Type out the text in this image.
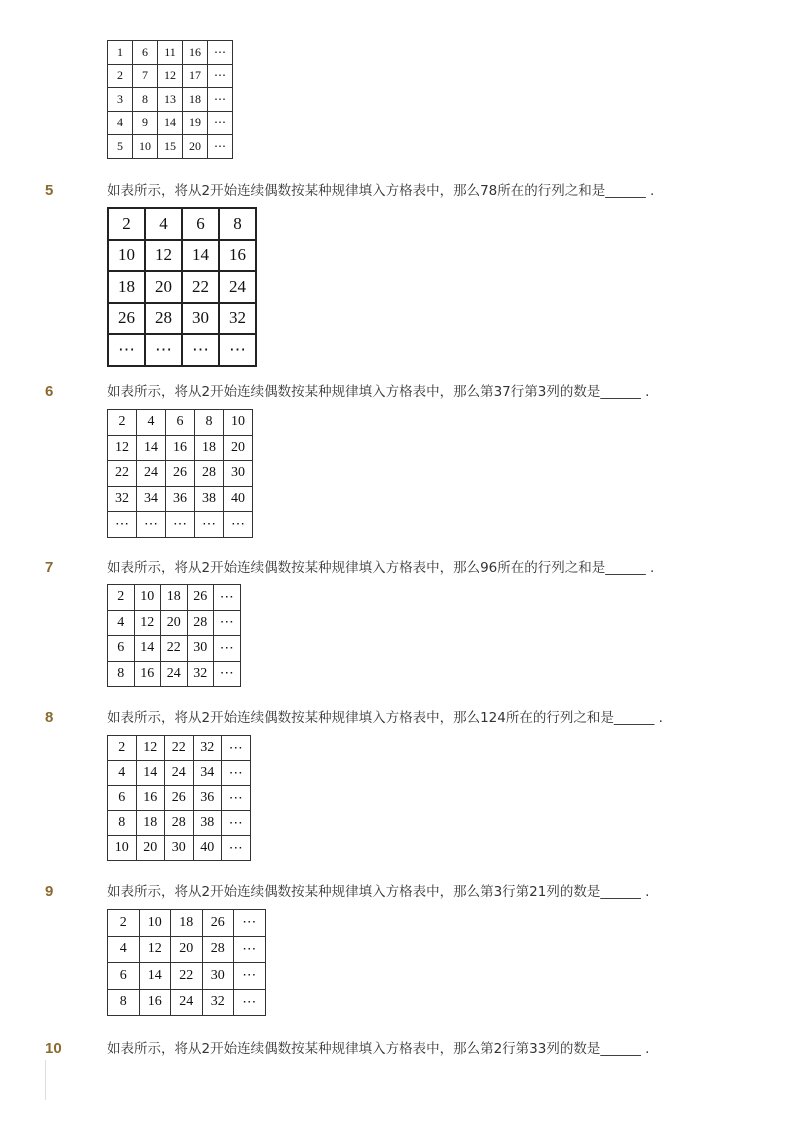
1	6	11	16	⋯
2	7	12	17	⋯
3	8	13	18	⋯
4	9	14	19	⋯
5	10	15	20	⋯
5	如表所示，将从2开始连续偶数按某种规律填入方格表中，那么78所在的行列之和是______ .
2	4	6	8
10	12	14	16
18	20	22	24
26	28	30	32
⋯	⋯	⋯	⋯
6	如表所示，将从2开始连续偶数按某种规律填入方格表中，那么第37行第3列的数是______ .
2	4	6	8	10
12	14	16	18	20
22	24	26	28	30
32	34	36	38	40
⋯	⋯	⋯	⋯	⋯
7	如表所示，将从2开始连续偶数按某种规律填入方格表中，那么96所在的行列之和是______ .
2	10	18	26	⋯
4	12	20	28	⋯
6	14	22	30	⋯
8	16	24	32	⋯
8	如表所示，将从2开始连续偶数按某种规律填入方格表中，那么124所在的行列之和是______ .
2	12	22	32	⋯
4	14	24	34	⋯
6	16	26	36	⋯
8	18	28	38	⋯
10	20	30	40	⋯
9	如表所示，将从2开始连续偶数按某种规律填入方格表中，那么第3行第21列的数是______ .
2	10	18	26	⋯
4	12	20	28	⋯
6	14	22	30	⋯
8	16	24	32	⋯
10	如表所示，将从2开始连续偶数按某种规律填入方格表中，那么第2行第33列的数是______ .
